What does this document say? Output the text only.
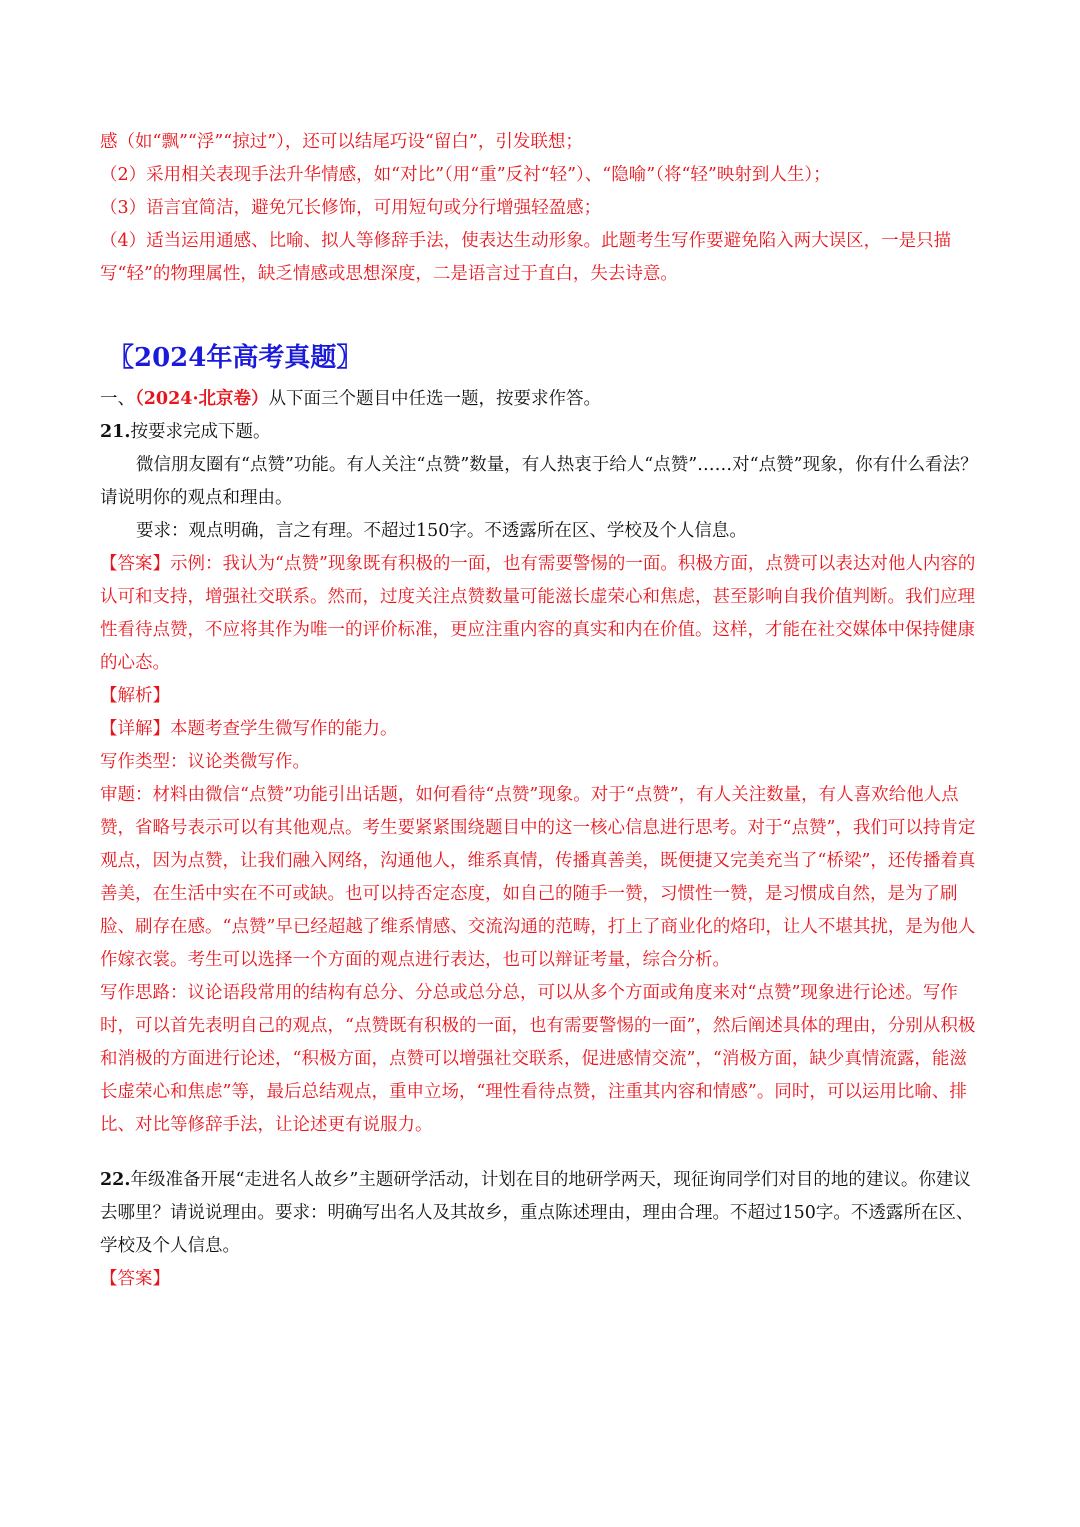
感（如“飘”“浮”“掠过”），还可以结尾巧设“留白”，引发联想；

（2）采用相关表现手法升华情感，如“对比”（用“重”反衬“轻”）、“隐喻”（将“轻”映射到人生）；

（3）语言宜简洁，避免冗长修饰，可用短句或分行增强轻盈感；

（4）适当运用通感、比喻、拟人等修辞手法，使表达生动形象。此题考生写作要避免陷入两大误区，一是只描写“轻”的物理属性，缺乏情感或思想深度，二是语言过于直白，失去诗意。

〖2024年高考真题〗

一、（2024·北京卷）从下面三个题目中任选一题，按要求作答。

21.按要求完成下题。

微信朋友圈有“点赞”功能。有人关注“点赞”数量，有人热衷于给人“点赞”……对“点赞”现象，你有什么看法？请说明你的观点和理由。

要求：观点明确，言之有理。不超过150字。不透露所在区、学校及个人信息。

【答案】示例：我认为“点赞”现象既有积极的一面，也有需要警惕的一面。积极方面，点赞可以表达对他人内容的认可和支持，增强社交联系。然而，过度关注点赞数量可能滋长虚荣心和焦虑，甚至影响自我价值判断。我们应理性看待点赞，不应将其作为唯一的评价标准，更应注重内容的真实和内在价值。这样，才能在社交媒体中保持健康的心态。

【解析】

【详解】本题考查学生微写作的能力。

写作类型：议论类微写作。

审题：材料由微信“点赞”功能引出话题，如何看待“点赞”现象。对于“点赞”，有人关注数量，有人喜欢给他人点赞，省略号表示可以有其他观点。考生要紧紧围绕题目中的这一核心信息进行思考。对于“点赞”，我们可以持肯定观点，因为点赞，让我们融入网络，沟通他人，维系真情，传播真善美，既便捷又完美充当了“桥梁”，还传播着真善美，在生活中实在不可或缺。也可以持否定态度，如自己的随手一赞，习惯性一赞，是习惯成自然，是为了刷脸、刷存在感。“点赞”早已经超越了维系情感、交流沟通的范畴，打上了商业化的烙印，让人不堪其扰，是为他人作嫁衣裳。考生可以选择一个方面的观点进行表达，也可以辩证考量，综合分析。

写作思路：议论语段常用的结构有总分、分总或总分总，可以从多个方面或角度来对“点赞”现象进行论述。写作时，可以首先表明自己的观点，“点赞既有积极的一面，也有需要警惕的一面”，然后阐述具体的理由，分别从积极和消极的方面进行论述，“积极方面，点赞可以增强社交联系，促进感情交流”，“消极方面，缺少真情流露，能滋长虚荣心和焦虑”等，最后总结观点，重申立场，“理性看待点赞，注重其内容和情感”。同时，可以运用比喻、排比、对比等修辞手法，让论述更有说服力。

22.年级准备开展“走进名人故乡”主题研学活动，计划在目的地研学两天，现征询同学们对目的地的建议。你建议去哪里？请说说理由。要求：明确写出名人及其故乡，重点陈述理由，理由合理。不超过150字。不透露所在区、学校及个人信息。

【答案】
